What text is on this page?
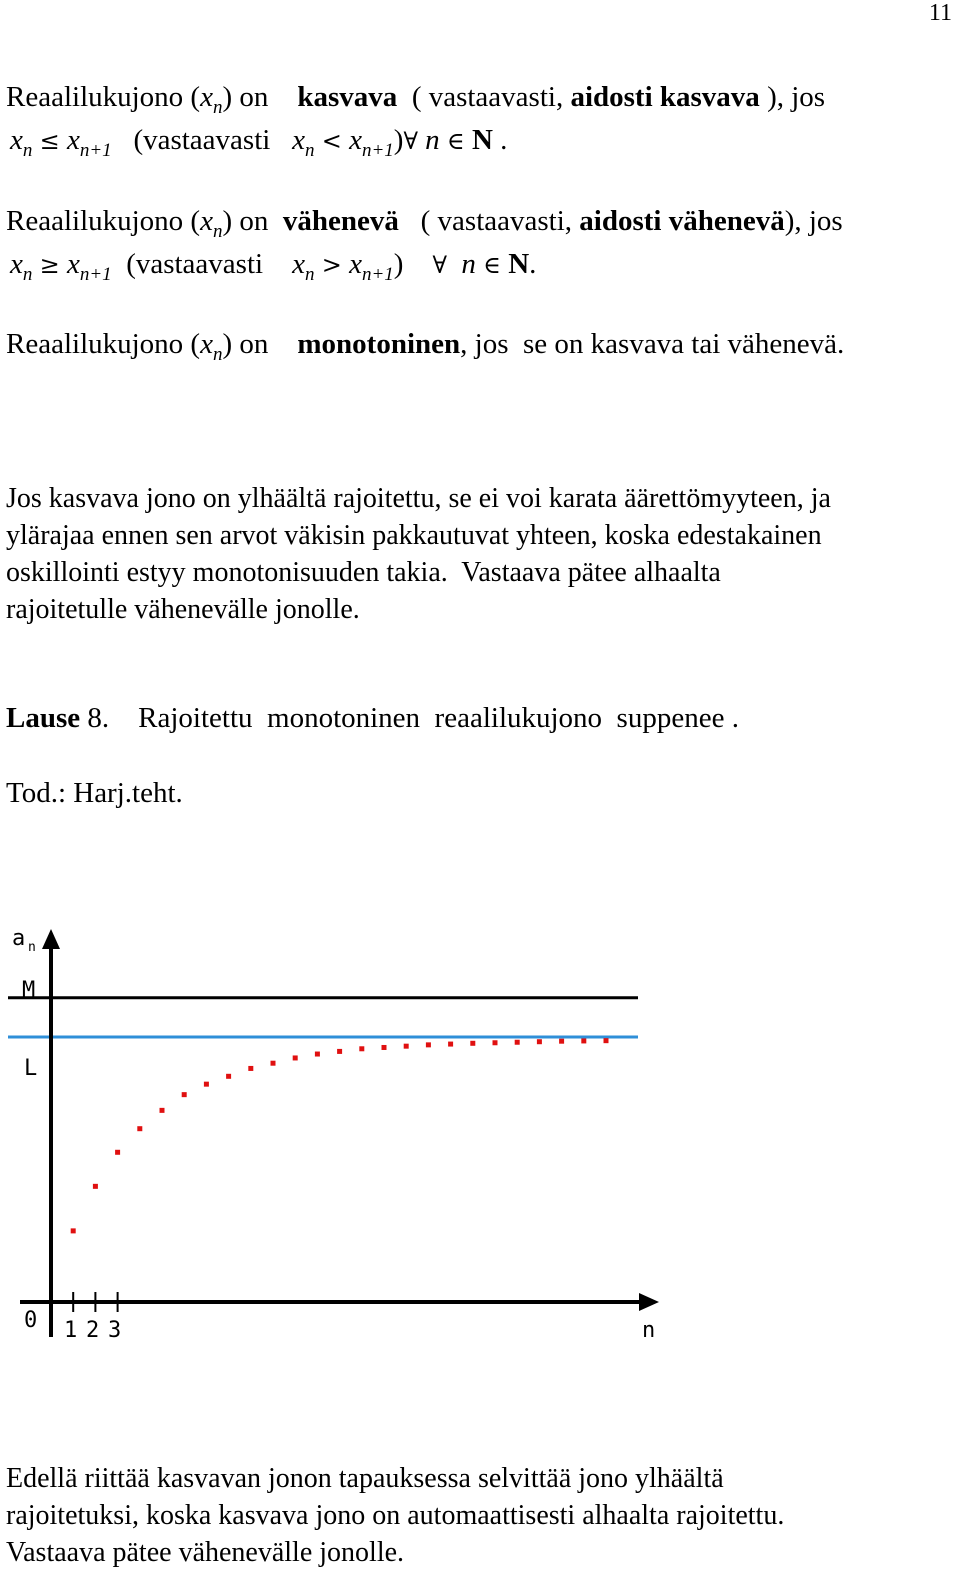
11
Reaalilukujono $(x_n)$ on kasvava ( vastaavasti, aidosti kasvava ), jos
$x_n \le x_{n+1}$ (vastaavasti $x_n$ < $x_{n+1})\forall$ n ∈ N .
Reaalilukujono $(x_n)$ on vähenevä ( vastaavasti, aidosti vähenevä), jos
$x_n \ge x_{n+1}$ (vastaavasti $x_n > x_{n+1}$) ∀ n ∈ N.
Reaalilukujono $(x_n)$ on monotoninen, jos  se on kasvava tai vähenevä.
Jos kasvava jono on ylhäältä rajoitettu, se ei voi karata äärettömyyteen, ja
ylärajaa ennen sen arvot väkisin pakkautuvat yhteen, koska edestakainen
oskillointi estyy monotonisuuden takia.  Vastaava pätee alhaalta
rajoitetulle vähenevälle jonolle.
Lause 8. Rajoitettu  monotoninen  reaalilukujono  suppenee .
Tod.: Harj.teht.
a n
M
L
0 1 2 3	n
Edellä riittää kasvavan jonon tapauksessa selvittää jono ylhäältä
rajoitetuksi, koska kasvava jono on automaattisesti alhaalta rajoitettu.
Vastaava pätee vähenevälle jonolle.
